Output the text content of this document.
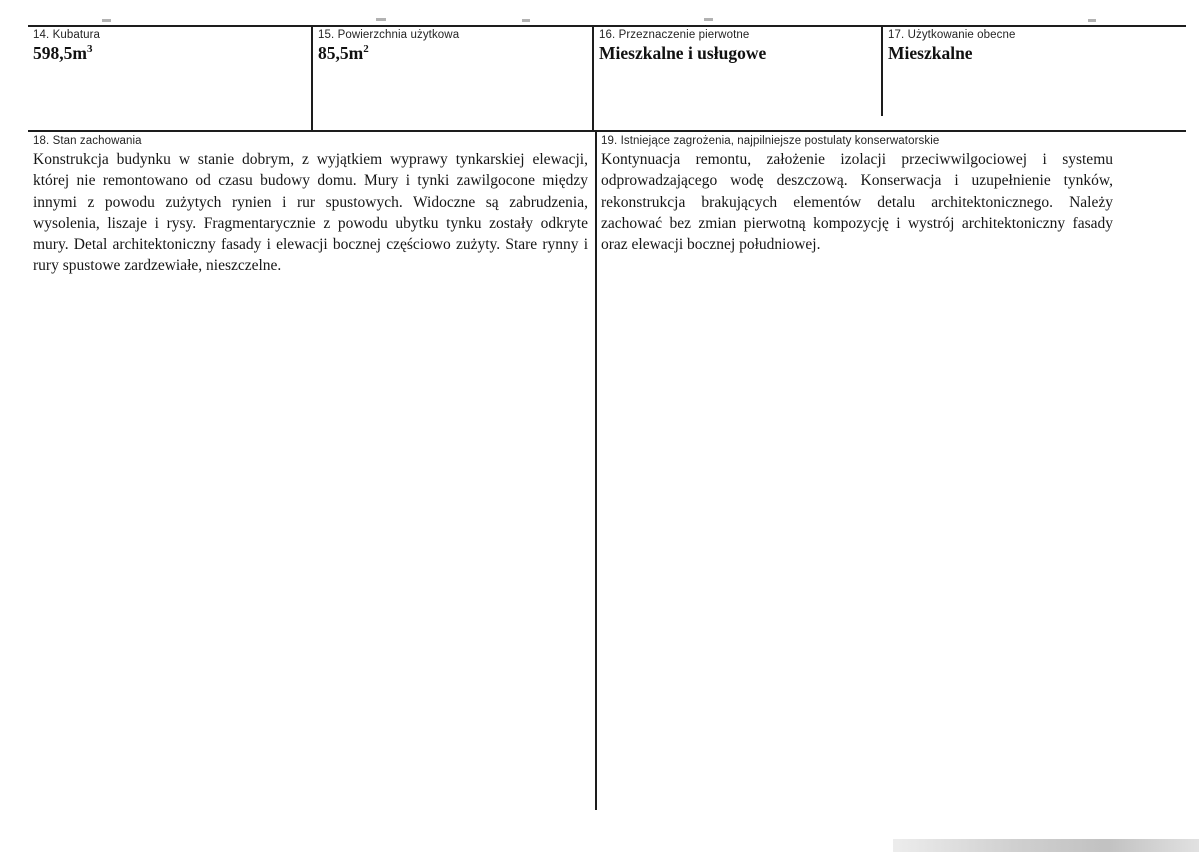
14. Kubatura
$598,5m^3$
15. Powierzchnia użytkowa
$85,5m^2$
16. Przeznaczenie pierwotne
Mieszkalne i usługowe
17. Użytkowanie obecne
Mieszkalne
18. Stan zachowania
Konstrukcja budynku w stanie dobrym, z wyjątkiem wyprawy tynkarskiej elewacji, której nie remontowano od czasu budowy domu. Mury i tynki zawilgocone między innymi z powodu zużytych rynien i rur spustowych. Widoczne są zabrudzenia, wysolenia, liszaje i rysy. Fragmentarycznie z powodu ubytku tynku zostały odkryte mury. Detal architektoniczny fasady i elewacji bocznej częściowo zużyty. Stare rynny i rury spustowe zardzewiałe, nieszczelne.
19. Istniejące zagrożenia, najpilniejsze postulaty konserwatorskie
Kontynuacja remontu, założenie izolacji przeciwwilgociowej i systemu odprowadzającego wodę deszczową. Konserwacja i uzupełnienie tynków, rekonstrukcja brakujących elementów detalu architektonicznego. Należy zachować bez zmian pierwotną kompozycję i wystrój architektoniczny fasady oraz elewacji bocznej południowej.
